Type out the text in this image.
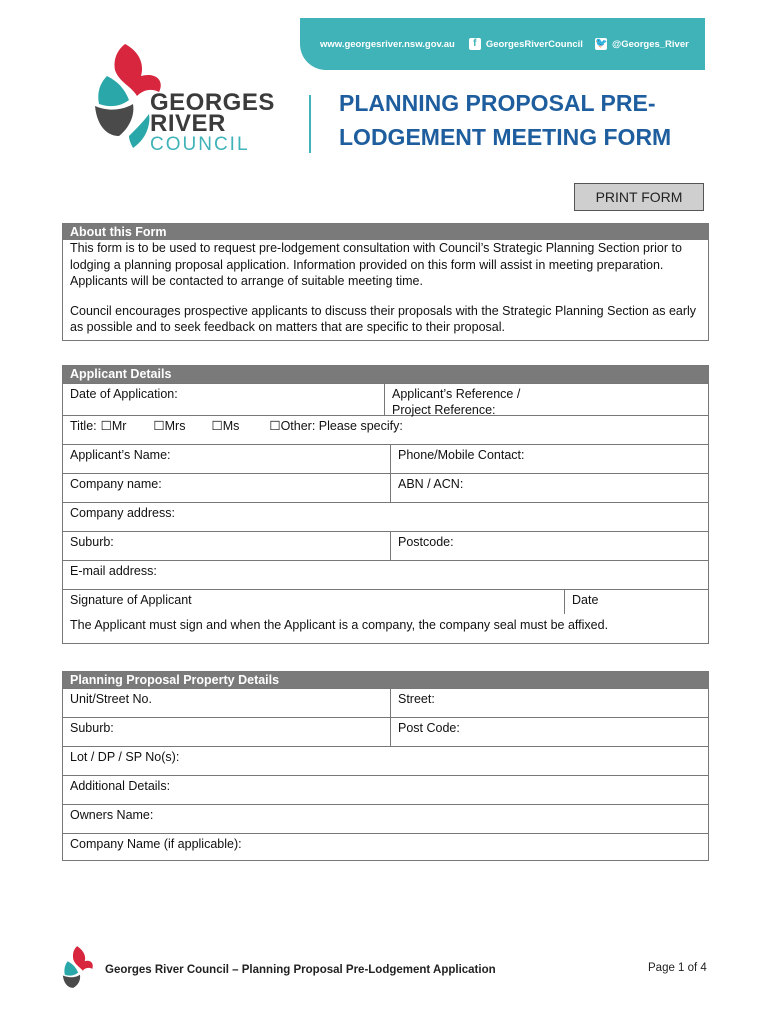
www.georgesriver.nsw.gov.au	f GeorgesRiverCouncil 🐦 @Georges_River
GEORGES
RIVER
COUNCIL
PLANNING PROPOSAL PRE-
LODGEMENT MEETING FORM
PRINT FORM
About this Form

This form is to be used to request pre-lodgement consultation with Council’s Strategic Planning Section prior to lodging a planning proposal application. Information provided on this form will assist in meeting preparation. Applicants will be contacted to arrange of suitable meeting time.

Council encourages prospective applicants to discuss their proposals with the Strategic Planning Section as early as possible and to seek feedback on matters that are specific to their proposal.

Applicant Details
Date of Application:	Applicant’s Reference /
Project Reference:
Title: ☐ Mr ☐ Mrs ☐ Ms ☐ Other: Please specify:
Applicant’s Name:	Phone/Mobile Contact:
Company name:	ABN / ACN:
Company address:
Suburb:	Postcode:
E-mail address:
Signature of Applicant	Date
The Applicant must sign and when the Applicant is a company, the company seal must be affixed.
Planning Proposal Property Details
Unit/Street No.	Street:
Suburb:	Post Code:
Lot / DP / SP No(s):
Additional Details:
Owners Name:
Company Name (if applicable):
Georges River Council – Planning Proposal Pre-Lodgement Application	Page 1 of 4
